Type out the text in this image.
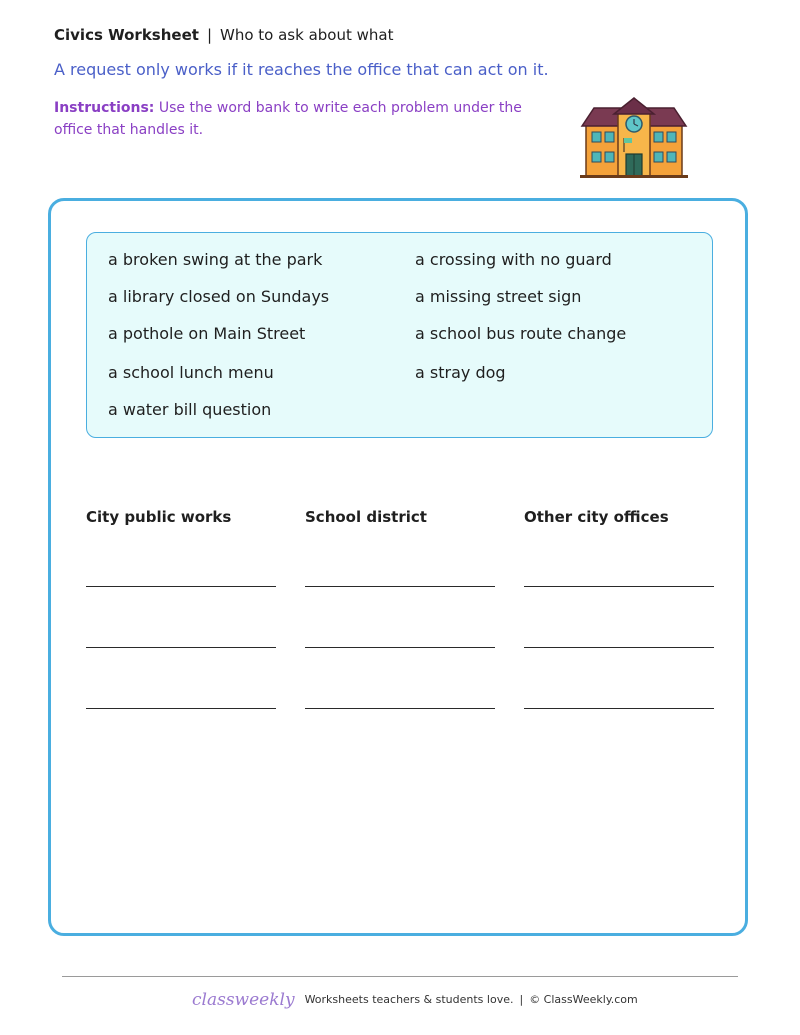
Civics Worksheet | Who to ask about what
A request only works if it reaches the office that can act on it.
Instructions: Use the word bank to write each problem under the office that handles it.
a broken swing at the park	a crossing with no guard
a library closed on Sundays	a missing street sign
a pothole on Main Street	a school bus route change
a school lunch menu	a stray dog
a water bill question
City public works	School district	Other city offices
classweekly Worksheets teachers & students love. | © ClassWeekly.com
